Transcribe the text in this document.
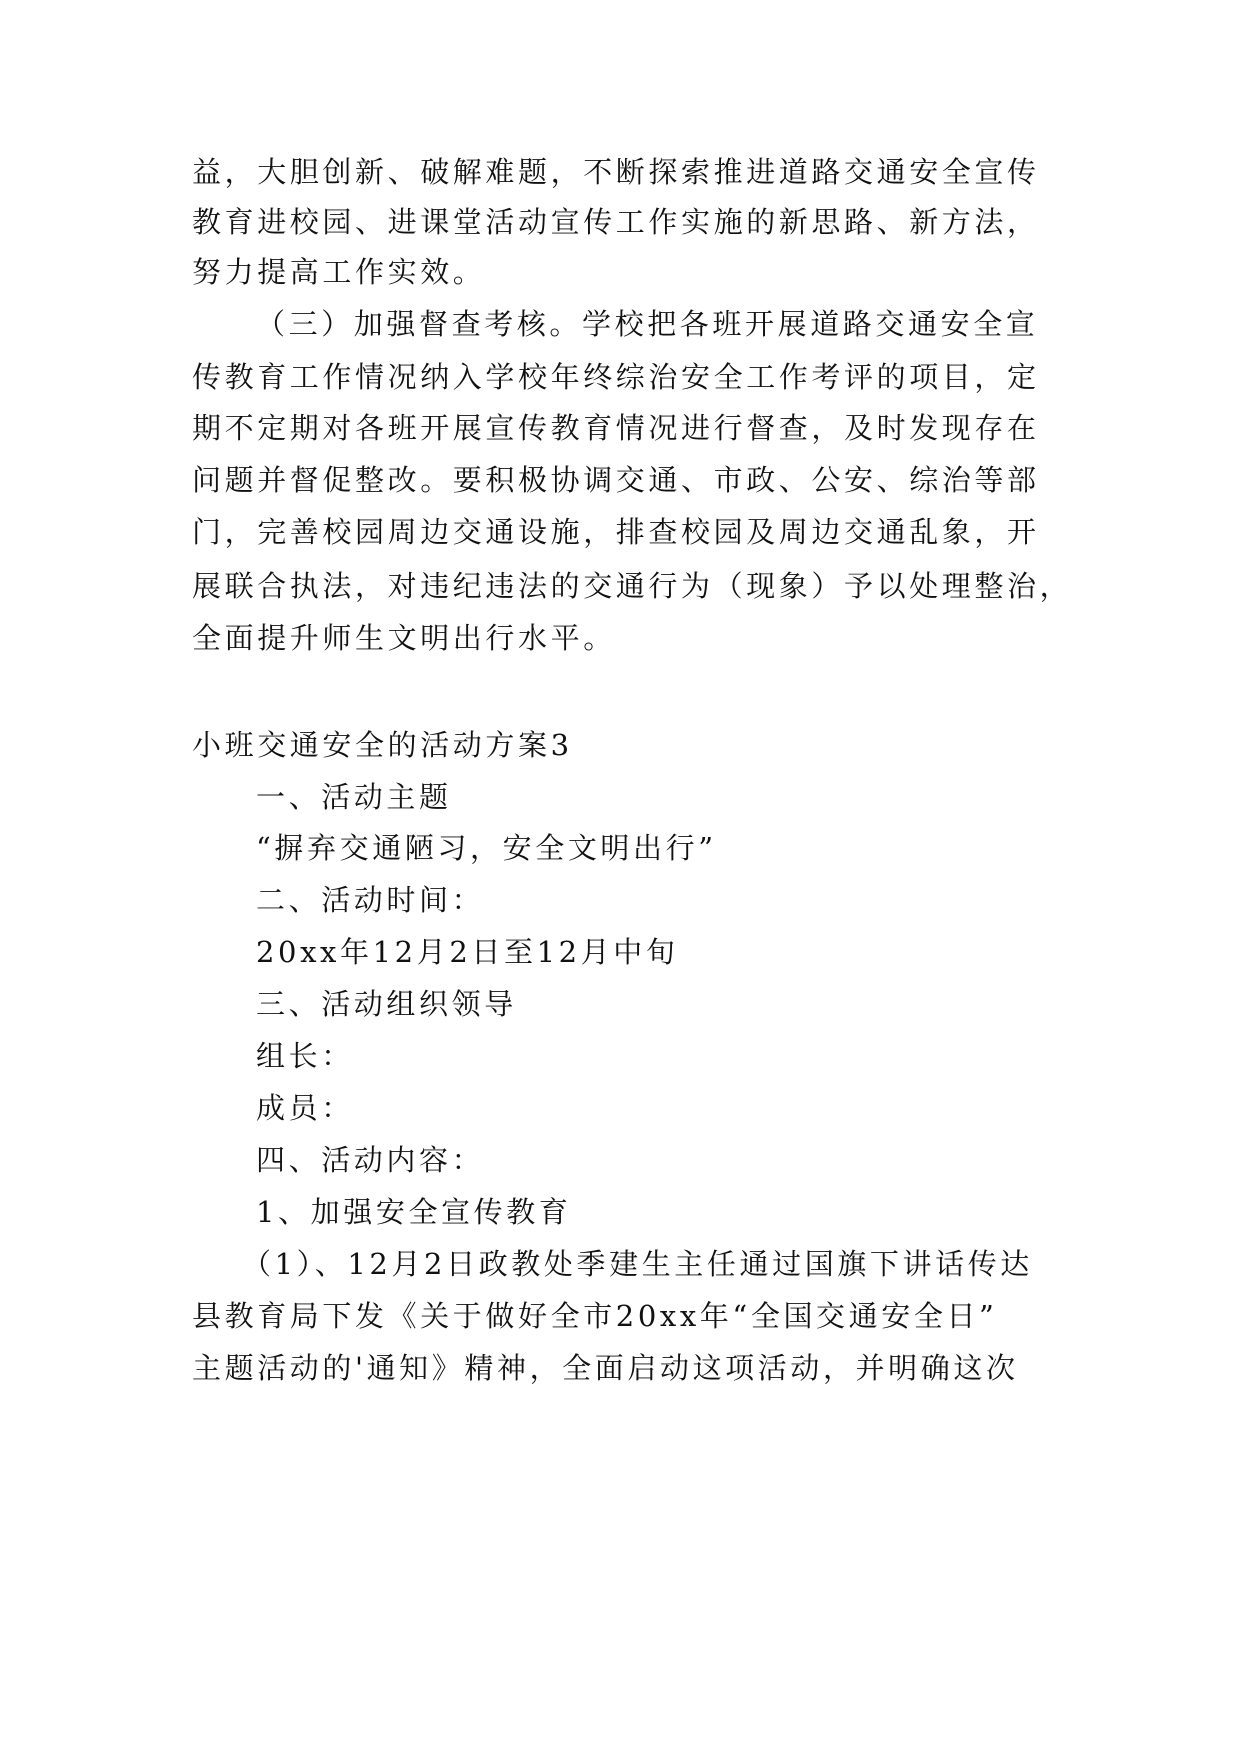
益，大胆创新、破解难题，不断探索推进道路交通安全宣传
教育进校园、进课堂活动宣传工作实施的新思路、新方法，
努力提高工作实效。
（三）加强督查考核。学校把各班开展道路交通安全宣
传教育工作情况纳入学校年终综治安全工作考评的项目，定
期不定期对各班开展宣传教育情况进行督查，及时发现存在
问题并督促整改。要积极协调交通、市政、公安、综治等部
门，完善校园周边交通设施，排查校园及周边交通乱象，开
展联合执法，对违纪违法的交通行为（现象）予以处理整治，
全面提升师生文明出行水平。
小班交通安全的活动方案3
一、活动主题
“摒弃交通陋习，安全文明出行”
二、活动时间：
20xx年12月2日至12月中旬
三、活动组织领导
组长：
成员：
四、活动内容：
1、加强安全宣传教育
（1）、12月2日政教处季建生主任通过国旗下讲话传达
县教育局下发《关于做好全市20xx年“全国交通安全日”
主题活动的'通知》精神，全面启动这项活动，并明确这次
